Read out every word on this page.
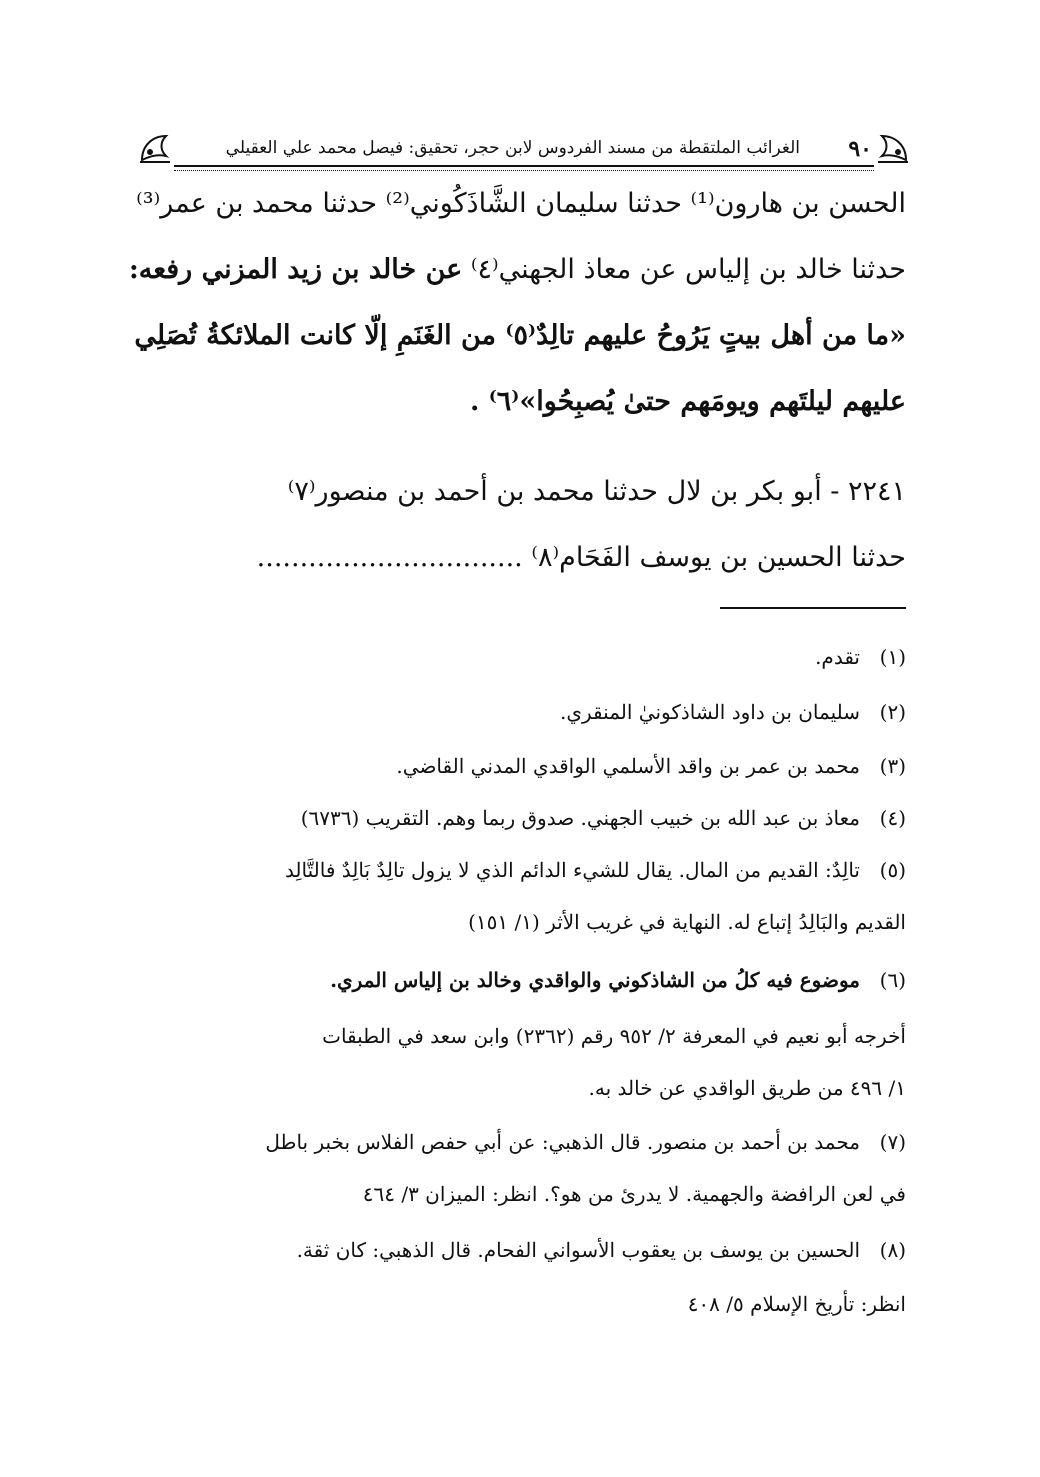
٩٠
الغرائب الملتقطة من مسند الفردوس لابن حجر، تحقيق: فيصل محمد علي العقيلي
الحسن بن هارون⁽¹⁾ حدثنا سليمان الشَّاذَكُوني⁽²⁾ حدثنا محمد بن عمر⁽³⁾
حدثنا خالد بن إلياس عن معاذ الجهني⁽٤⁾ عن خالد بن زيد المزني رفعه:
«ما من أهل بيتٍ يَرُوحُ عليهم تالِدٌ⁽٥⁾ من الغَنَمِ إلّا كانت الملائكةُ تُصَلِي
عليهم ليلتَهم ويومَهم حتىٰ يُصبِحُوا»⁽٦⁾ .
٢٢٤١ - أبو بكر بن لال حدثنا محمد بن أحمد بن منصور⁽٧⁾
حدثنا الحسين بن يوسف الفَحَام⁽٨⁾ ...............................
(١)تقدم.
(٢)سليمان بن داود الشاذكونيٰ المنقري.
(٣)محمد بن عمر بن واقد الأسلمي الواقدي المدني القاضي.
(٤)معاذ بن عبد الله بن خبيب الجهني. صدوق ربما وهم. التقريب (٦٧٣٦)
(٥)تالِدٌ: القديم من المال. يقال للشيء الدائم الذي لا يزول تالِدٌ بَالِدٌ فالتَّالِد
القديم والبَالِدُ إتباع له. النهاية في غريب الأثر (١/ ١٥١)
(٦)موضوع فيه كلُ من الشاذكوني والواقدي وخالد بن إلياس المري.
أخرجه أبو نعيم في المعرفة ٢/ ٩٥٢ رقم (٢٣٦٢) وابن سعد في الطبقات
١/ ٤٩٦ من طريق الواقدي عن خالد به.
(٧)محمد بن أحمد بن منصور. قال الذهبي: عن أبي حفص الفلاس بخبر باطل
في لعن الرافضة والجهمية. لا يدرئ من هو؟. انظر: الميزان ٣/ ٤٦٤
(٨)الحسين بن يوسف بن يعقوب الأسواني الفحام. قال الذهبي: كان ثقة.
انظر: تأريخ الإسلام ٥/ ٤٠٨
